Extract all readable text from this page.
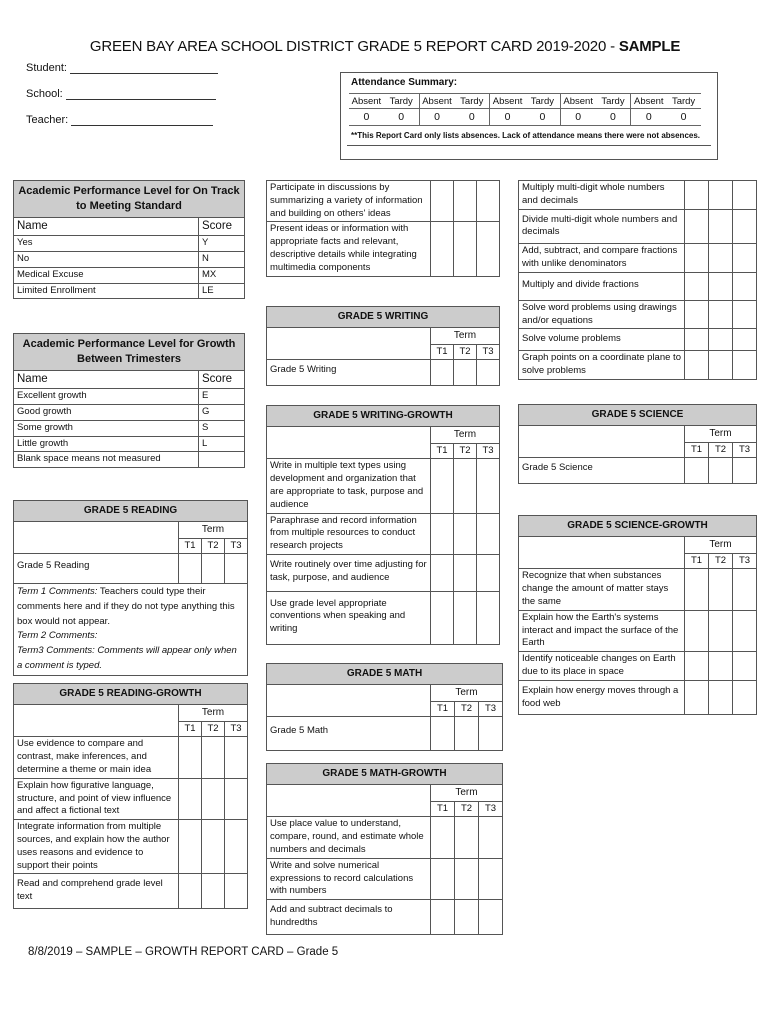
GREEN BAY AREA SCHOOL DISTRICT GRADE 5 REPORT CARD 2019-2020 - SAMPLE
Student:
School:
Teacher:
Attendance Summary:
Absent Tardy
0	0
Absent Tardy
0	0
Absent Tardy
0	0
Absent Tardy
0	0
Absent Tardy
0	0
**This Report Card only lists absences. Lack of attendance means there were not absences.
Academic Performance Level for On Track to Meeting Standard	
Name	Score
Yes	Y
No	N
Medical Excuse	MX
Limited Enrollment	LE
Academic Performance Level for Growth Between Trimesters	
Name	Score
Excellent growth	E
Good growth	G
Some growth	S
Little growth	L
Blank space means not measured	
GRADE 5 READING			
	Term		
	T1	T2	T3
Grade 5 Reading			
Term 1 Comments: Teachers could type their comments here and if they do not type anything this box would not appear.
Term 2 Comments:
Term3 Comments: Comments will appear only when a comment is typed.			
GRADE 5 READING-GROWTH			
	Term		
	T1	T2	T3
Use evidence to compare and contrast, make inferences, and determine a theme or main idea			
Explain how figurative language, structure, and point of view influence and affect a fictional text			
Integrate information from multiple sources, and explain how the author uses reasons and evidence to support their points			
Read and comprehend grade level text			
Participate in discussions by summarizing a variety of information and building on others' ideas			
Present ideas or information with appropriate facts and relevant, descriptive details while integrating multimedia components			
GRADE 5 WRITING			
	Term		
	T1	T2	T3
Grade 5 Writing			
GRADE 5 WRITING-GROWTH			
	Term		
	T1	T2	T3
Write in multiple text types using development and organization that are appropriate to task, purpose and audience			
Paraphrase and record information from multiple resources to conduct research projects			
Write routinely over time adjusting for task, purpose, and audience			
Use grade level appropriate conventions when speaking and writing			
GRADE 5 MATH			
	Term		
	T1	T2	T3
Grade 5 Math			
GRADE 5 MATH-GROWTH			
	Term		
	T1	T2	T3
Use place value to understand, compare, round, and estimate whole numbers and decimals			
Write and solve numerical expressions to record calculations with numbers			
Add and subtract decimals to hundredths			
Multiply multi-digit whole numbers and decimals			
Divide multi-digit whole numbers and decimals			
Add, subtract, and compare fractions with unlike denominators			
Multiply and divide fractions			
Solve word problems using drawings and/or equations			
Solve volume problems			
Graph points on a coordinate plane to solve problems			
GRADE 5 SCIENCE			
	Term		
	T1	T2	T3
Grade 5 Science			
GRADE 5 SCIENCE-GROWTH			
	Term		
	T1	T2	T3
Recognize that when substances change the amount of matter stays the same			
Explain how the Earth's systems interact and impact the surface of the Earth			
Identify noticeable changes on Earth due to its place in space			
Explain how energy moves through a food web			
8/8/2019 – SAMPLE – GROWTH REPORT CARD – Grade 5
